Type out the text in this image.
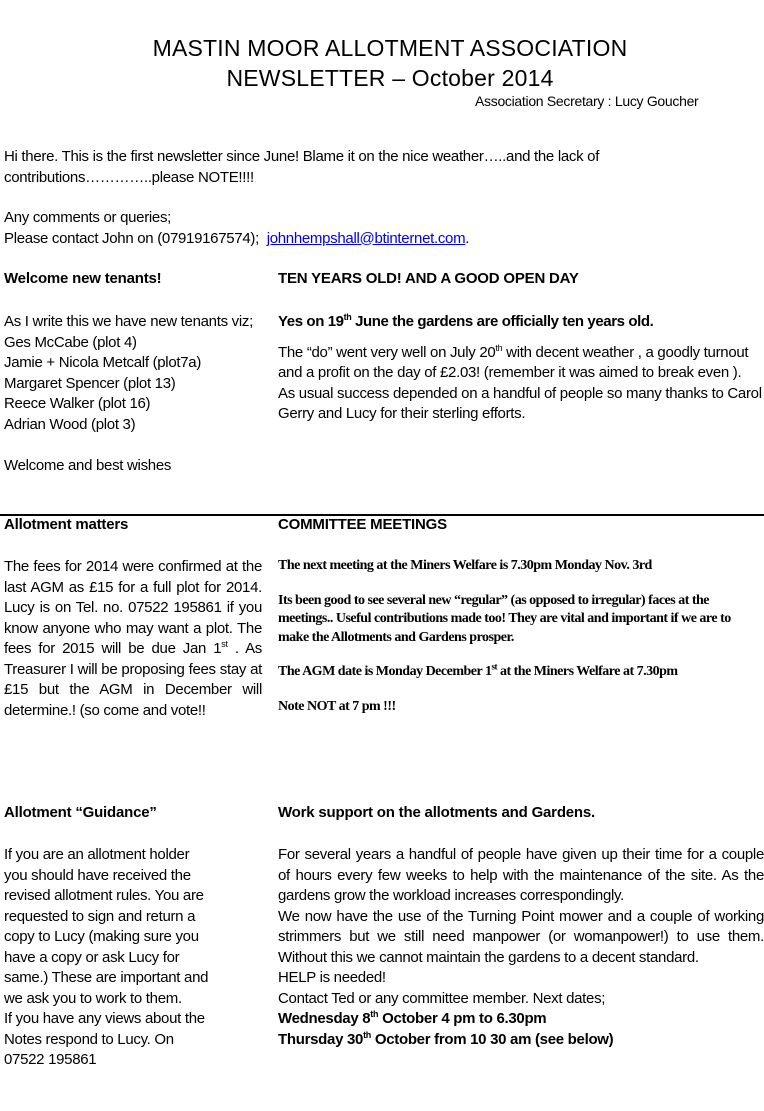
MASTIN MOOR ALLOTMENT ASSOCIATION
NEWSLETTER – October 2014
Association Secretary : Lucy Goucher
Hi there. This is the first newsletter since June! Blame it on the nice weather…..and the lack of contributions…………..please NOTE!!!!
Any comments or queries;
Please contact John on (07919167574); johnhempshall@btinternet.com.
Welcome new tenants!
As I write this we have new tenants viz;
Ges McCabe (plot 4)
Jamie + Nicola Metcalf (plot7a)
Margaret Spencer (plot 13)
Reece Walker (plot 16)
Adrian Wood (plot 3)
Welcome and best wishes
TEN YEARS OLD! AND A GOOD OPEN DAY
Yes on 19th June the gardens are officially ten years old.
The “do” went very well on July 20th with decent weather , a goodly turnout and a profit on the day of £2.03! (remember it was aimed to break even ).
As usual success depended on a handful of people so many thanks to Carol Gerry and Lucy for their sterling efforts.
Allotment matters
The fees for 2014 were confirmed at the last AGM as £15 for a full plot for 2014. Lucy is on Tel. no. 07522 195861 if you know anyone who may want a plot. The fees for 2015 will be due Jan 1st . As Treasurer I will be proposing fees stay at £15 but the AGM in December will determine.! (so come and vote!!
COMMITTEE MEETINGS
The next meeting at the Miners Welfare is 7.30pm Monday Nov. 3rd
Its been good to see several new “regular” (as opposed to irregular) faces at the meetings.. Useful contributions made too! They are vital and important if we are to make the Allotments and Gardens prosper.
The AGM date is Monday December 1st at the Miners Welfare at 7.30pm
Note NOT at 7 pm !!!
Allotment “Guidance”
If you are an allotment holder
you should have received the
revised allotment rules. You are
requested to sign and return a
copy to Lucy (making sure you
have a copy or ask Lucy for
same.) These are important and
we ask you to work to them.
If you have any views about the
Notes respond to Lucy. On
07522 195861
Work support on the allotments and Gardens.
For several years a handful of people have given up their time for a couple of hours every few weeks to help with the maintenance of the site. As the gardens grow the workload increases correspondingly.
We now have the use of the Turning Point mower and a couple of working strimmers but we still need manpower (or womanpower!) to use them. Without this we cannot maintain the gardens to a decent standard.
HELP is needed!
Contact Ted or any committee member. Next dates;
Wednesday 8th October 4 pm to 6.30pm
Thursday 30th October from 10 30 am (see below)
